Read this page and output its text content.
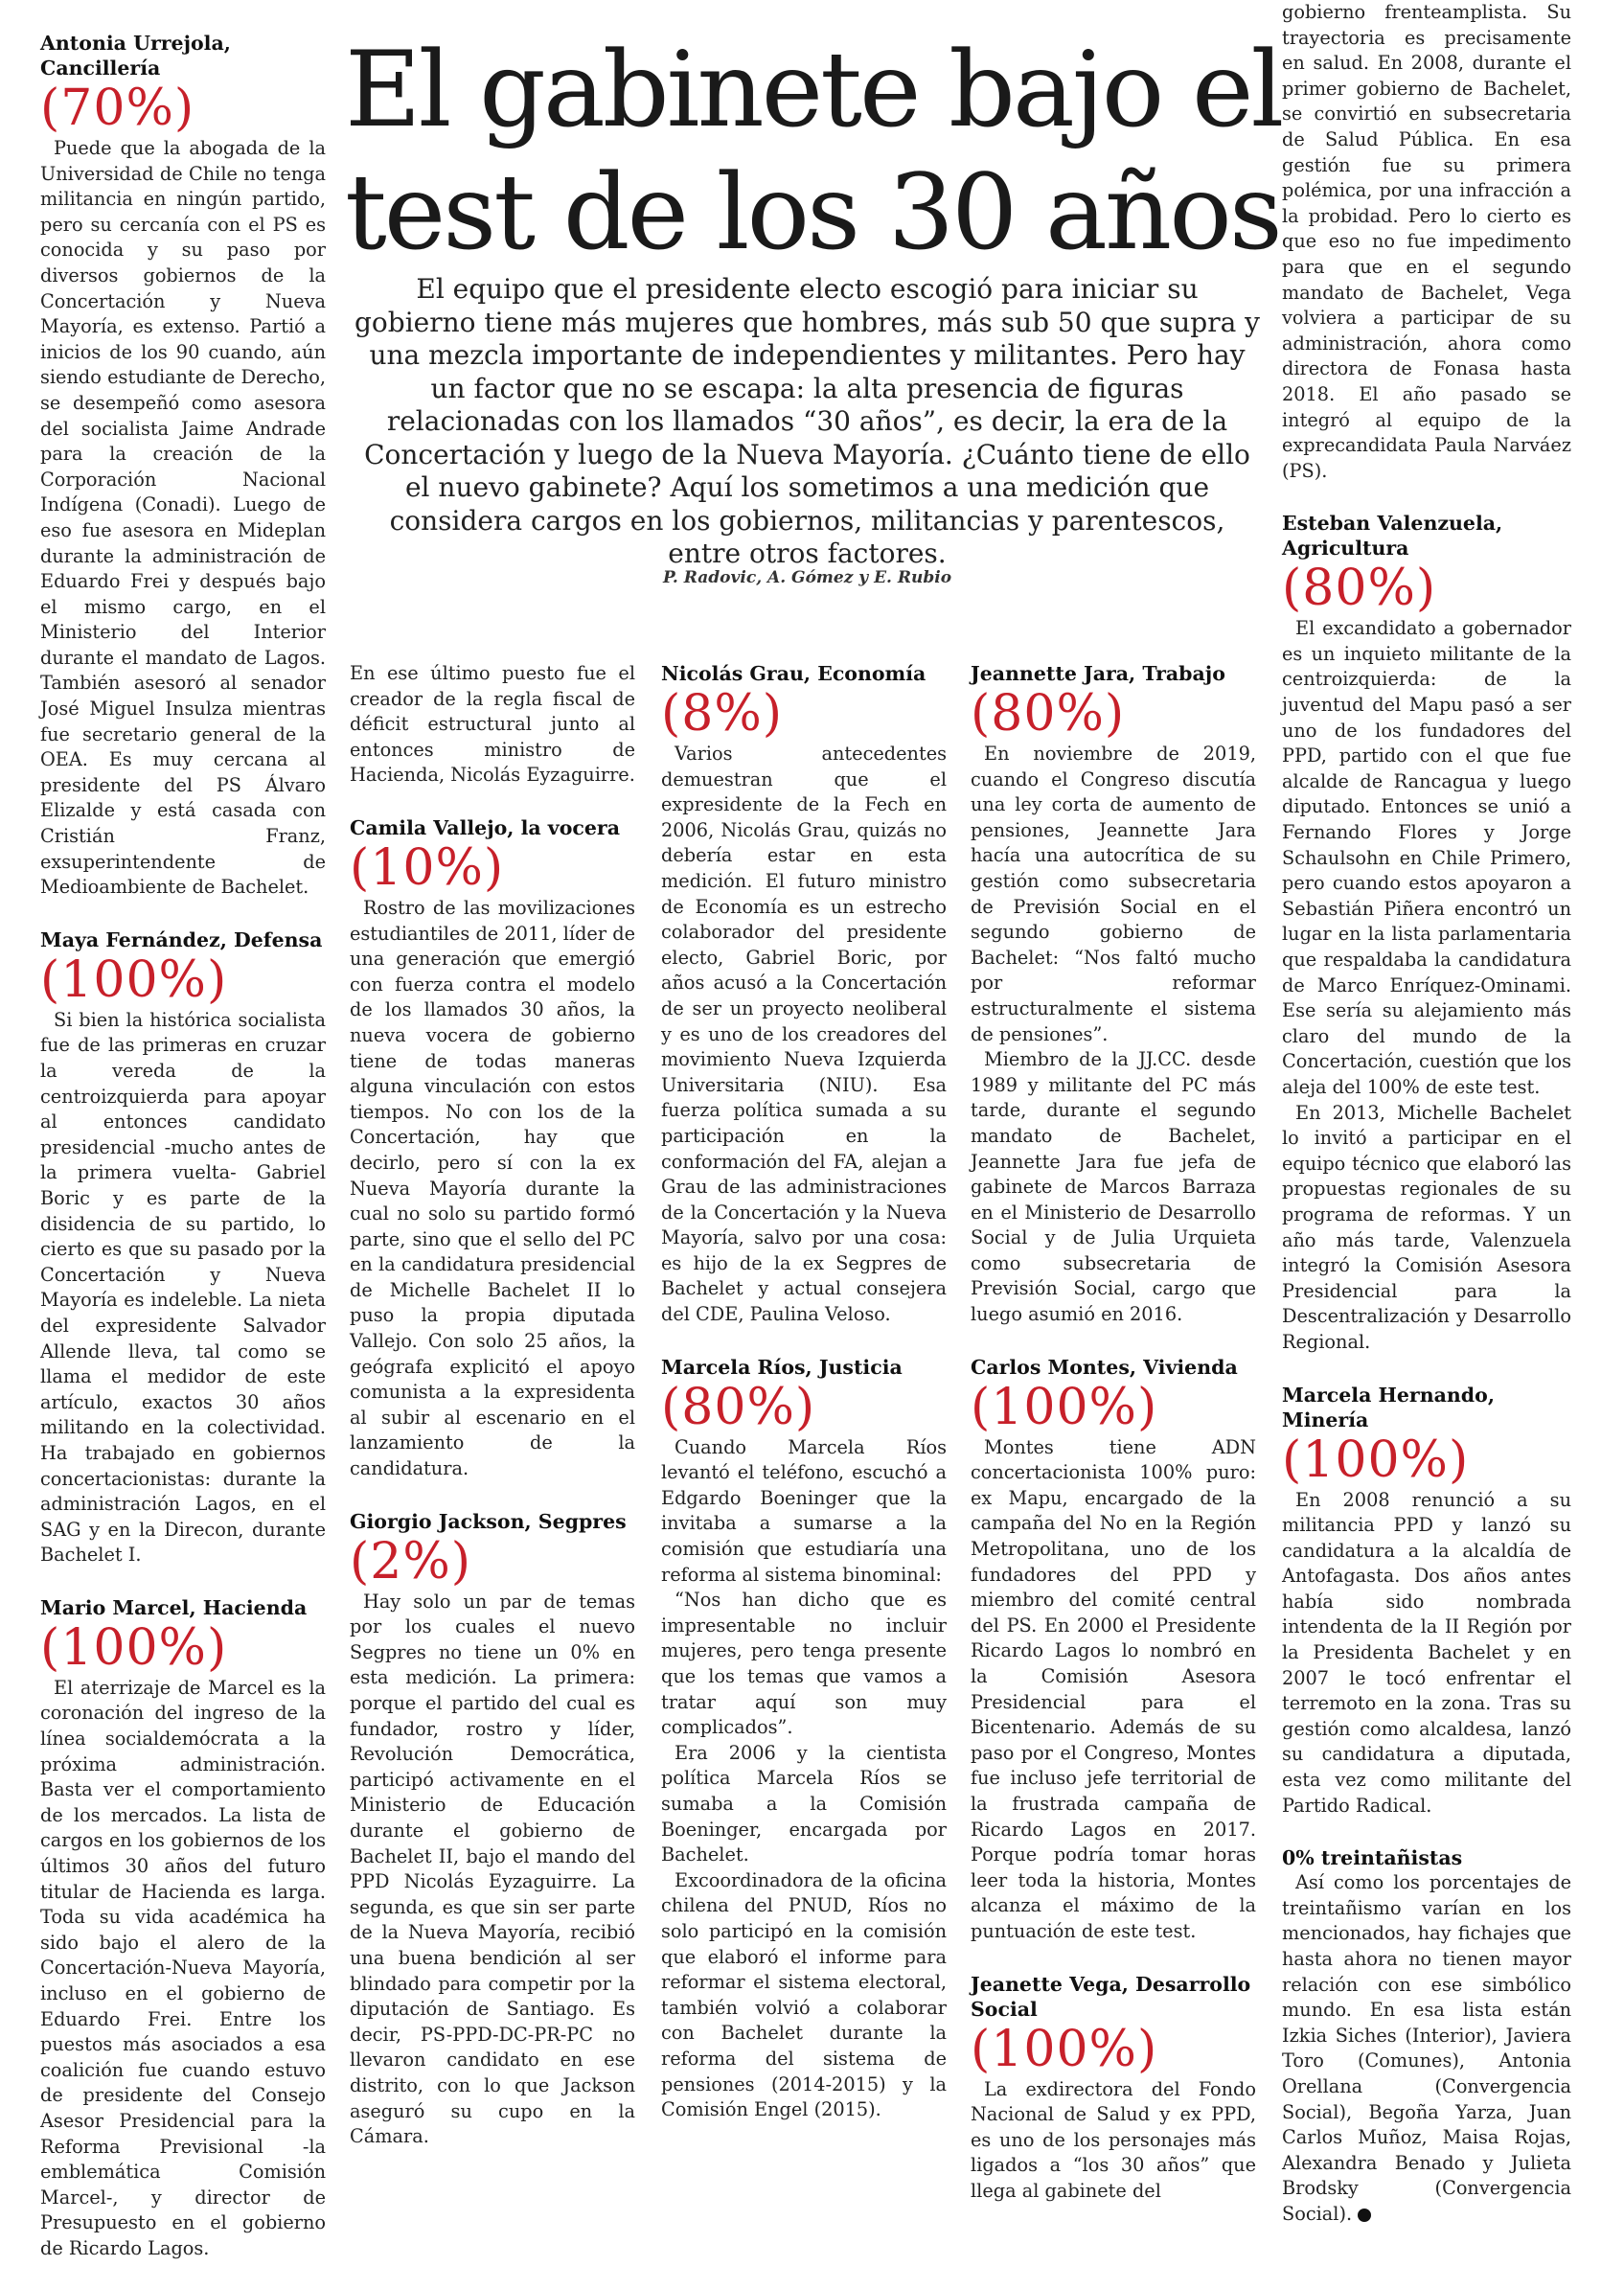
El gabinete bajo el
test de los 30 años
El equipo que el presidente electo escogió para iniciar su gobierno tiene más mujeres que hombres, más sub 50 que supra y una mezcla importante de independientes y militantes. Pero hay un factor que no se escapa: la alta presencia de figuras relacionadas con los llamados “30 años”, es decir, la era de la Concertación y luego de la Nueva Mayoría. ¿Cuánto tiene de ello el nuevo gabinete? Aquí los sometimos a una medición que considera cargos en los gobiernos, militancias y parentescos, entre otros factores.
P. Radovic, A. Gómez y E. Rubio
Antonia Urrejola, Cancillería
(70%)

Puede que la abogada de la Universidad de Chile no tenga militancia en ningún partido, pero su cercanía con el PS es conocida y su paso por diversos gobiernos de la Concertación y Nueva Mayoría, es extenso. Partió a inicios de los 90 cuando, aún siendo estudiante de Derecho, se desempeñó como asesora del socialista Jaime Andrade para la creación de la Corporación Nacional Indígena (Conadi). Luego de eso fue asesora en Mideplan durante la administración de Eduardo Frei y después bajo el mismo cargo, en el Ministerio del Interior durante el mandato de Lagos. También asesoró al senador José Miguel Insulza mientras fue secretario general de la OEA. Es muy cercana al presidente del PS Álvaro Elizalde y está casada con Cristián Franz, exsuperintendente de Medioambiente de Bachelet.

Maya Fernández, Defensa
(100%)

Si bien la histórica socialista fue de las primeras en cruzar la vereda de la centroizquierda para apoyar al entonces candidato presidencial -mucho antes de la primera vuelta- Gabriel Boric y es parte de la disidencia de su partido, lo cierto es que su pasado por la Concertación y Nueva Mayoría es indeleble. La nieta del expresidente Salvador Allende lleva, tal como se llama el medidor de este artículo, exactos 30 años militando en la colectividad. Ha trabajado en gobiernos concertacionistas: durante la administración Lagos, en el SAG y en la Direcon, durante Bachelet I.

Mario Marcel, Hacienda
(100%)

El aterrizaje de Marcel es la coronación del ingreso de la línea socialdemócrata a la próxima administración. Basta ver el comportamiento de los mercados. La lista de cargos en los gobiernos de los últimos 30 años del futuro titular de Hacienda es larga. Toda su vida académica ha sido bajo el alero de la Concertación-Nueva Mayoría, incluso en el gobierno de Eduardo Frei. Entre los puestos más asociados a esa coalición fue cuando estuvo de presidente del Consejo Asesor Presidencial para la Reforma Previsional -la emblemática Comisión Marcel-, y director de Presupuesto en el gobierno de Ricardo Lagos.

En ese último puesto fue el creador de la regla fiscal de déficit estructural junto al entonces ministro de Hacienda, Nicolás Eyzaguirre.

Camila Vallejo, la vocera
(10%)

Rostro de las movilizaciones estudiantiles de 2011, líder de una generación que emergió con fuerza contra el modelo de los llamados 30 años, la nueva vocera de gobierno tiene de todas maneras alguna vinculación con estos tiempos. No con los de la Concertación, hay que decirlo, pero sí con la ex Nueva Mayoría durante la cual no solo su partido formó parte, sino que el sello del PC en la candidatura presidencial de Michelle Bachelet II lo puso la propia diputada Vallejo. Con solo 25 años, la geógrafa explicitó el apoyo comunista a la expresidenta al subir al escenario en el lanzamiento de la candidatura.

Giorgio Jackson, Segpres
(2%)

Hay solo un par de temas por los cuales el nuevo Segpres no tiene un 0% en esta medición. La primera: porque el partido del cual es fundador, rostro y líder, Revolución Democrática, participó activamente en el Ministerio de Educación durante el gobierno de Bachelet II, bajo el mando del PPD Nicolás Eyzaguirre. La segunda, es que sin ser parte de la Nueva Mayoría, recibió una buena bendición al ser blindado para competir por la diputación de Santiago. Es decir, PS-PPD-DC-PR-PC no llevaron candidato en ese distrito, con lo que Jackson aseguró su cupo en la Cámara.

Nicolás Grau, Economía
(8%)

Varios antecedentes demuestran que el expresidente de la Fech en 2006, Nicolás Grau, quizás no debería estar en esta medición. El futuro ministro de Economía es un estrecho colaborador del presidente electo, Gabriel Boric, por años acusó a la Concertación de ser un proyecto neoliberal y es uno de los creadores del movimiento Nueva Izquierda Universitaria (NIU). Esa fuerza política sumada a su participación en la conformación del FA, alejan a Grau de las administraciones de la Concertación y la Nueva Mayoría, salvo por una cosa: es hijo de la ex Segpres de Bachelet y actual consejera del CDE, Paulina Veloso.

Marcela Ríos, Justicia
(80%)

Cuando Marcela Ríos levantó el teléfono, escuchó a Edgardo Boeninger que la invitaba a sumarse a la comisión que estudiaría una reforma al sistema binominal:

“Nos han dicho que es impresentable no incluir mujeres, pero tenga presente que los temas que vamos a tratar aquí son muy complicados”.

Era 2006 y la cientista política Marcela Ríos se sumaba a la Comisión Boeninger, encargada por Bachelet.

Excoordinadora de la oficina chilena del PNUD, Ríos no solo participó en la comisión que elaboró el informe para reformar el sistema electoral, también volvió a colaborar con Bachelet durante la reforma del sistema de pensiones (2014-2015) y la Comisión Engel (2015).

Jeannette Jara, Trabajo
(80%)

En noviembre de 2019, cuando el Congreso discutía una ley corta de aumento de pensiones, Jeannette Jara hacía una autocrítica de su gestión como subsecretaria de Previsión Social en el segundo gobierno de Bachelet: “Nos faltó mucho por reformar estructuralmente el sistema de pensiones”.

Miembro de la JJ.CC. desde 1989 y militante del PC más tarde, durante el segundo mandato de Bachelet, Jeannette Jara fue jefa de gabinete de Marcos Barraza en el Ministerio de Desarrollo Social y de Julia Urquieta como subsecretaria de Previsión Social, cargo que luego asumió en 2016.

Carlos Montes, Vivienda
(100%)

Montes tiene ADN concertacionista 100% puro: ex Mapu, encargado de la campaña del No en la Región Metropolitana, uno de los fundadores del PPD y miembro del comité central del PS. En 2000 el Presidente Ricardo Lagos lo nombró en la Comisión Asesora Presidencial para el Bicentenario. Además de su paso por el Congreso, Montes fue incluso jefe territorial de la frustrada campaña de Ricardo Lagos en 2017. Porque podría tomar horas leer toda la historia, Montes alcanza el máximo de la puntuación de este test.

Jeanette Vega, Desarrollo Social
(100%)

La exdirectora del Fondo Nacional de Salud y ex PPD, es uno de los personajes más ligados a “los 30 años” que llega al gabinete del

gobierno frenteamplista. Su trayectoria es precisamente en salud. En 2008, durante el primer gobierno de Bachelet, se convirtió en subsecretaria de Salud Pública. En esa gestión fue su primera polémica, por una infracción a la probidad. Pero lo cierto es que eso no fue impedimento para que en el segundo mandato de Bachelet, Vega volviera a participar de su administración, ahora como directora de Fonasa hasta 2018. El año pasado se integró al equipo de la exprecandidata Paula Narváez (PS).

Esteban Valenzuela, Agricultura
(80%)

El excandidato a gobernador es un inquieto militante de la centroizquierda: de la juventud del Mapu pasó a ser uno de los fundadores del PPD, partido con el que fue alcalde de Rancagua y luego diputado. Entonces se unió a Fernando Flores y Jorge Schaulsohn en Chile Primero, pero cuando estos apoyaron a Sebastián Piñera encontró un lugar en la lista parlamentaria que respaldaba la candidatura de Marco Enríquez-Ominami. Ese sería su alejamiento más claro del mundo de la Concertación, cuestión que los aleja del 100% de este test.

En 2013, Michelle Bachelet lo invitó a participar en el equipo técnico que elaboró las propuestas regionales de su programa de reformas. Y un año más tarde, Valenzuela integró la Comisión Asesora Presidencial para la Descentralización y Desarrollo Regional.

Marcela Hernando, Minería
(100%)

En 2008 renunció a su militancia PPD y lanzó su candidatura a la alcaldía de Antofagasta. Dos años antes había sido nombrada intendenta de la II Región por la Presidenta Bachelet y en 2007 le tocó enfrentar el terremoto en la zona. Tras su gestión como alcaldesa, lanzó su candidatura a diputada, esta vez como militante del Partido Radical.

0% treintañistas

Así como los porcentajes de treintañismo varían en los mencionados, hay fichajes que hasta ahora no tienen mayor relación con ese simbólico mundo. En esa lista están Izkia Siches (Interior), Javiera Toro (Comunes), Antonia Orellana (Convergencia Social), Begoña Yarza, Juan Carlos Muñoz, Maisa Rojas, Alexandra Benado y Julieta Brodsky (Convergencia Social).
